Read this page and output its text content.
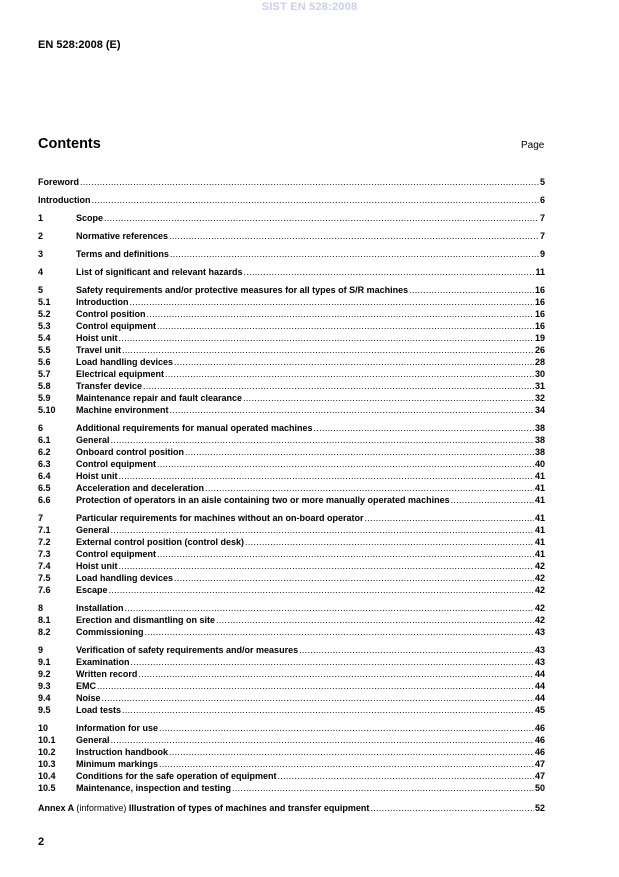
SIST EN 528:2008
EN 528:2008 (E)
Contents	Page
Foreword .....	5
Introduction .....	6
1	Scope .....	7
2	Normative references .....	7
3	Terms and definitions .....	9
4	List of significant and relevant hazards .....	11
5	Safety requirements and/or protective measures for all types of S/R machines .....	16
5.1	Introduction .....	16
5.2	Control position .....	16
5.3	Control equipment .....	16
5.4	Hoist unit .....	19
5.5	Travel unit .....	26
5.6	Load handling devices .....	28
5.7	Electrical equipment .....	30
5.8	Transfer device .....	31
5.9	Maintenance repair and fault clearance .....	32
5.10	Machine environment .....	34
6	Additional requirements for manual operated machines .....	38
6.1	General .....	38
6.2	Onboard control position .....	38
6.3	Control equipment .....	40
6.4	Hoist unit .....	41
6.5	Acceleration and deceleration .....	41
6.6	Protection of operators in an aisle containing two or more manually operated machines .....	41
7	Particular requirements for machines without an on-board operator .....	41
7.1	General .....	41
7.2	External control position (control desk) .....	41
7.3	Control equipment .....	41
7.4	Hoist unit .....	42
7.5	Load handling devices .....	42
7.6	Escape .....	42
8	Installation .....	42
8.1	Erection and dismantling on site .....	42
8.2	Commissioning .....	43
9	Verification of safety requirements and/or measures .....	43
9.1	Examination .....	43
9.2	Written record .....	44
9.3	EMC .....	44
9.4	Noise .....	44
9.5	Load tests .....	45
10	Information for use .....	46
10.1	General .....	46
10.2	Instruction handbook .....	46
10.3	Minimum markings .....	47
10.4	Conditions for the safe operation of equipment .....	47
10.5	Maintenance, inspection and testing .....	50
Annex A (informative) Illustration of types of machines and transfer equipment .....	52
2
